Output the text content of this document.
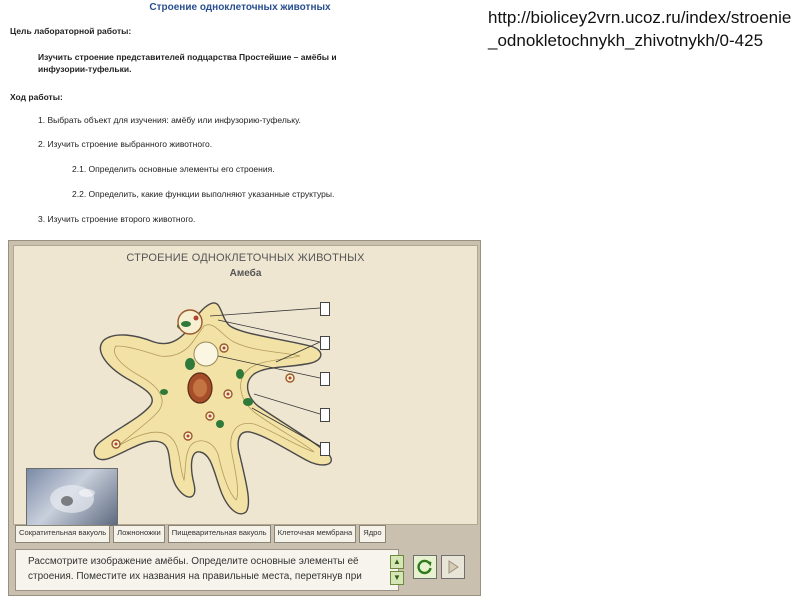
Строение одноклеточных животных
Цель лабораторной работы:
Изучить строение представителей подцарства Простейшие – амёбы и
инфузории-туфельки.
Ход работы:
1. Выбрать объект для изучения: амёбу или инфузорию-туфельку.
2. Изучить строение выбранного животного.
2.1. Определить основные элементы его строения.
2.2. Определить, какие функции выполняют указанные структуры.
3. Изучить строение второго животного.
http://biolicey2vrn.ucoz.ru/index/stroenie_odnokletochnykh_zhivotnykh/0-425
СТРОЕНИЕ ОДНОКЛЕТОЧНЫХ ЖИВОТНЫХ
Амеба
Сократительная вакуоль	Ложноножки	Пищеварительная вакуоль	Клеточная мембрана	Ядро
Рассмотрите изображение амёбы. Определите основные элементы её
строения. Поместите их названия на правильные места, перетянув при
▲
▼
